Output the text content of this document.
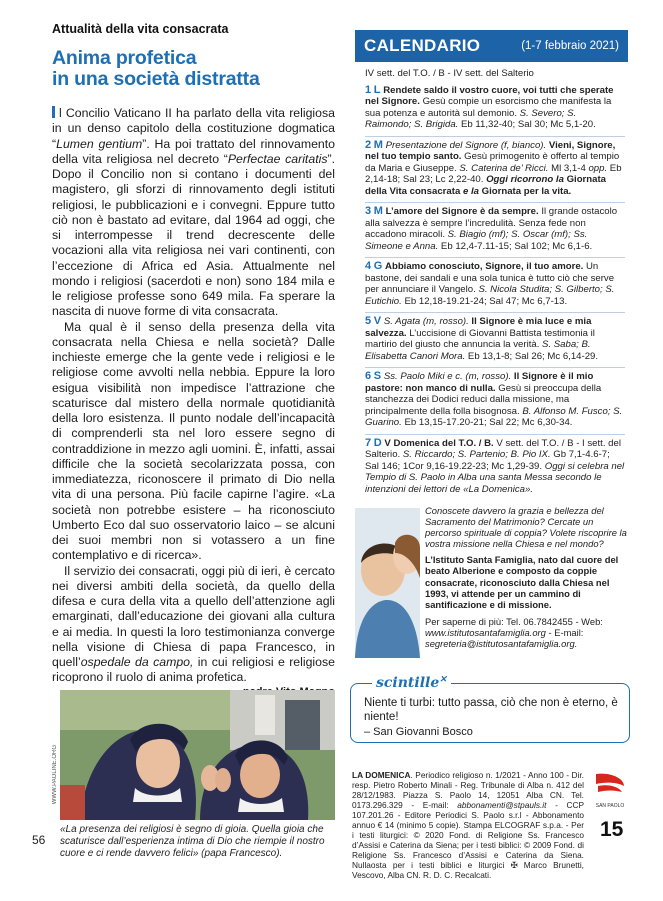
Attualità della vita consacrata
Anima profetica
in una società distratta

l Concilio Vaticano II ha parlato della vita religiosa in un denso capitolo della costituzione dogmatica “Lumen gentium”. Ha poi trattato del rinnovamento della vita religiosa nel decreto “Perfectae caritatis”. Dopo il Concilio non si contano i documenti del magistero, gli sforzi di rinnovamento degli istituti religiosi, le pubblicazioni e i convegni. Eppure tutto ciò non è bastato ad evitare, dal 1964 ad oggi, che si interrompesse il trend decrescente delle vocazioni alla vita religiosa nei vari continenti, con l’eccezione di Africa ed Asia. Attualmente nel mondo i religiosi (sacerdoti e non) sono 184 mila e le religiose professe sono 649 mila. Fa sperare la nascita di nuove forme di vita consacrata.

Ma qual è il senso della presenza della vita consacrata nella Chiesa e nella società? Dalle inchieste emerge che la gente vede i religiosi e le religiose come avvolti nella nebbia. Eppure la loro esigua visibilità non impedisce l’attrazione che scaturisce dal mistero della normale quotidianità della loro esistenza. Il punto nodale dell’incapacità di comprenderli sta nel loro essere segno di contraddizione in mezzo agli uomini. È, infatti, assai difficile che la società secolarizzata possa, con immediatezza, riconoscere il primato di Dio nella vita di una persona. Più facile capirne l’agire. «La società non potrebbe esistere – ha riconosciuto Umberto Eco dal suo osservatorio laico – se alcuni dei suoi membri non si votassero a un fine contemplativo e di ricerca».

Il servizio dei consacrati, oggi più di ieri, è cercato nei diversi ambiti della società, da quello della difesa e cura della vita a quello dell’attenzione agli emarginati, dall’educazione dei giovani alla cultura e ai media. In questi la loro testimonianza converge nella visione di Chiesa di papa Francesco, in quell’ospedale da campo, in cui religiosi e religiose ricoprono il ruolo di anima profetica.

WWW.PAOLINE.ORG
«La presenza dei religiosi è segno di gioia. Quella gioia che scaturisce dall’esperienza intima di Dio che riempie il nostro cuore e ci rende davvero felici» (papa Francesco).
56
CALENDARIO	(1-7 febbraio 2021)
IV sett. del T.O. / B - IV sett. del Salterio
1 L Rendete saldo il vostro cuore, voi tutti che sperate nel Signore. Gesù compie un esorcismo che manifesta la sua potenza e autorità sul demonio. S. Severo; S. Raimondo; S. Brigida. Eb 11,32-40; Sal 30; Mc 5,1-20.
2 M Presentazione del Signore (f, bianco). Vieni, Signore, nel tuo tempio santo. Gesù primogenito è offerto al tempio da Maria e Giuseppe. S. Caterina de’ Ricci. Ml 3,1-4 opp. Eb 2,14-18; Sal 23; Lc 2,22-40. Oggi ricorrono la Giornata della Vita consacrata e la Giornata per la vita.
3 M L’amore del Signore è da sempre. Il grande ostacolo alla salvezza è sempre l’incredulità. Senza fede non accadono miracoli. S. Biagio (mf); S. Oscar (mf); Ss. Simeone e Anna. Eb 12,4-7.11-15; Sal 102; Mc 6,1-6.
4 G Abbiamo conosciuto, Signore, il tuo amore. Un bastone, dei sandali e una sola tunica è tutto ciò che serve per annunciare il Vangelo. S. Nicola Studita; S. Gilberto; S. Eutichio. Eb 12,18-19.21-24; Sal 47; Mc 6,7-13.
5 V S. Agata (m, rosso). Il Signore è mia luce e mia salvezza. L’uccisione di Giovanni Battista testimonia il martirio del giusto che annuncia la verità. S. Saba; B. Elisabetta Canori Mora. Eb 13,1-8; Sal 26; Mc 6,14-29.
6 S Ss. Paolo Miki e c. (m, rosso). Il Signore è il mio pastore: non manco di nulla. Gesù si preoccupa della stanchezza dei Dodici reduci dalla missione, ma principalmente della folla bisognosa. B. Alfonso M. Fusco; S. Guarino. Eb 13,15-17.20-21; Sal 22; Mc 6,30-34.
7 D V Domenica del T.O. / B. V sett. del T.O. / B - I sett. del Salterio. S. Riccardo; S. Partenio; B. Pio IX. Gb 7,1-4.6-7; Sal 146; 1Cor 9,16-19.22-23; Mc 1,29-39. Oggi si celebra nel Tempio di S. Paolo in Alba una santa Messa secondo le intenzioni dei lettori de «La Domenica».
Conoscete davvero la grazia e bellezza del Sacramento del Matrimonio? Cercate un percorso spirituale di coppia? Volete riscoprire la vostra missione nella Chiesa e nel mondo?
L’Istituto Santa Famiglia, nato dal cuore del beato Alberione e composto da coppie consacrate, riconosciuto dalla Chiesa nel 1993, vi attende per un cammino di santificazione e di missione.
Per saperne di più: Tel. 06.7842455 - Web: www.istitutosantafamiglia.org - E-mail: segreteria@istitutosantafamiglia.org.
scintille✕
Niente ti turbi: tutto passa, ciò che non è eterno, è niente!
– San Giovanni Bosco
LA DOMENICA. Periodico religioso n. 1/2021 - Anno 100 - Dir. resp. Pietro Roberto Minali - Reg. Tribunale di Alba n. 412 del 28/12/1983. Piazza S. Paolo 14, 12051 Alba CN. Tel. 0173.296.329 - E-mail: abbonamenti@stpauls.it - CCP 107.201.26 - Editore Periodici S. Paolo s.r.l - Abbonamento annuo € 14 (minimo 5 copie). Stampa ELCOGRAF s.p.a. - Per i testi liturgici: © 2020 Fond. di Religione Ss. Francesco d’Assisi e Caterina da Siena; per i testi biblici: © 2009 Fond. di Religione Ss. Francesco d’Assisi e Caterina da Siena. Nullaosta per i testi biblici e liturgici ✠ Marco Brunetti, Vescovo, Alba CN. R. D. C. Recalcati.
SAN PAOLO
15
